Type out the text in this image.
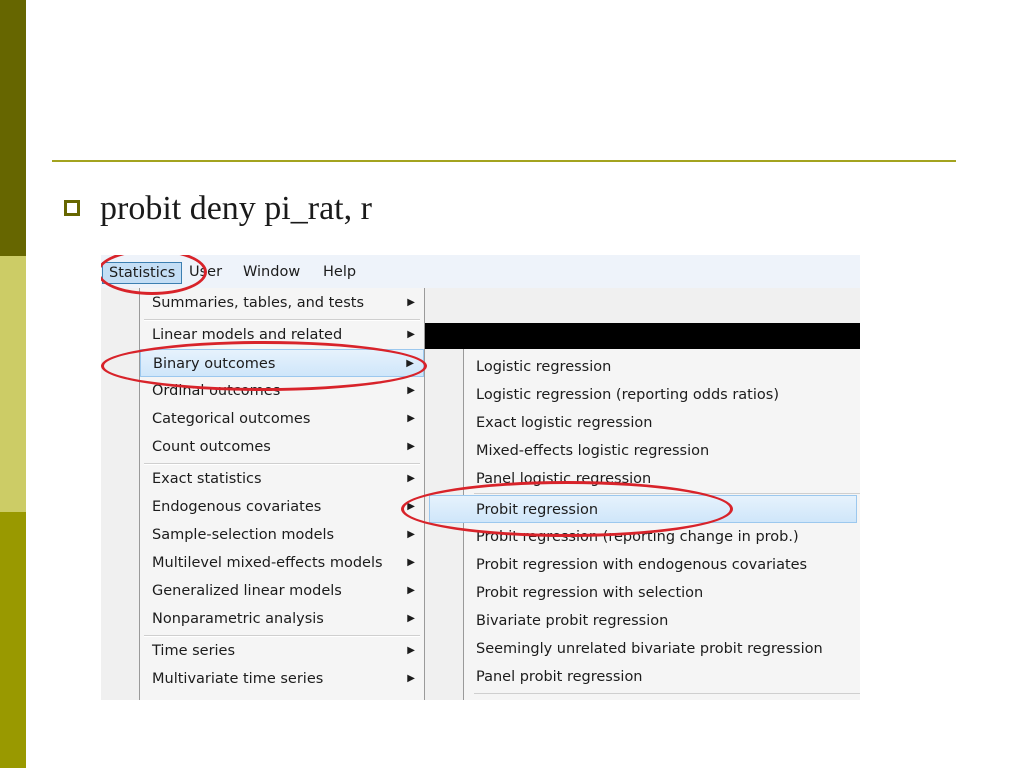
probit deny pi_rat, r
Statistics User	Window	Help
Summaries, tables, and tests	▶
Linear models and related	▶
Binary outcomes	▶
Ordinal outcomes	▶
Categorical outcomes	▶
Count outcomes	▶
Exact statistics	▶
Endogenous covariates	▶
Sample-selection models	▶
Multilevel mixed-effects models ▶
Generalized linear models	▶
Nonparametric analysis	▶
Time series	▶
Multivariate time series	▶
Logistic regression
Logistic regression (reporting odds ratios)
Exact logistic regression
Mixed-effects logistic regression
Panel logistic regression
Probit regression
Probit regression (reporting change in prob.)
Probit regression with endogenous covariates
Probit regression with selection
Bivariate probit regression
Seemingly unrelated bivariate probit regression
Panel probit regression
